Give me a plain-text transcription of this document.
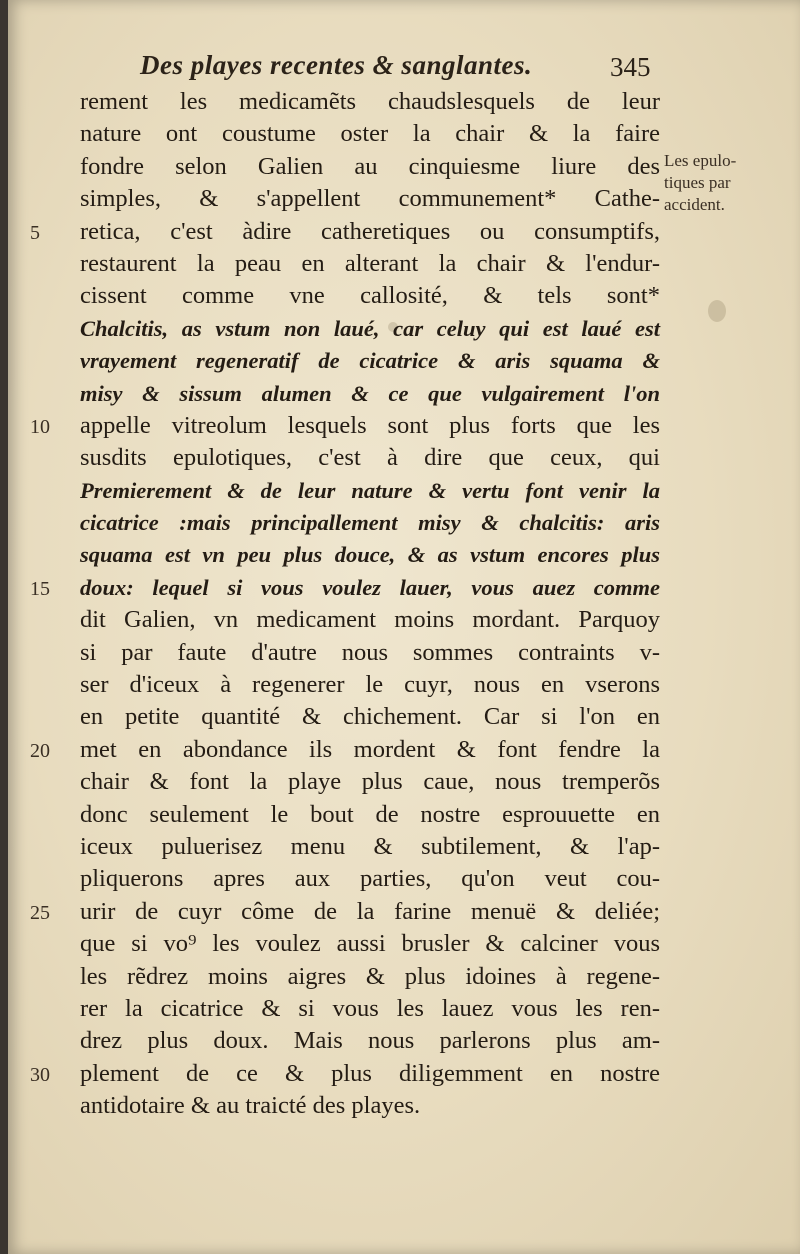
Des playes recentes & sanglantes.	345
5
10
15
20
25
30
rement les medicamẽts chaudslesquels de leur
nature ont coustume oster la chair & la faire
fondre selon Galien au cinquiesme liure des
simples, & s'appellent communement* Cathe-
retica, c'est àdire catheretiques ou consumptifs,
restaurent la peau en alterant la chair & l'endur-
cissent comme vne callosité, & tels sont*
Chalcitis, as vstum non laué, car celuy qui est laué est
vrayement regeneratif de cicatrice & aris squama &
misy & sissum alumen & ce que vulgairement l'on
appelle vitreolum lesquels sont plus forts que les
susdits epulotiques, c'est à dire que ceux, qui
Premierement & de leur nature & vertu font venir la
cicatrice :mais principallement misy & chalcitis: aris
squama est vn peu plus douce, & as vstum encores plus
doux: lequel si vous voulez lauer, vous auez comme
dit Galien, vn medicament moins mordant. Parquoy
si par faute d'autre nous sommes contraints v-
ser d'iceux à regenerer le cuyr, nous en vserons
en petite quantité & chichement. Car si l'on en
met en abondance ils mordent & font fendre la
chair & font la playe plus caue, nous tremperõs
donc seulement le bout de nostre esprouuette en
iceux puluerisez menu & subtilement, & l'ap-
pliquerons apres aux parties, qu'on veut cou-
urir de cuyr côme de la farine menuë & deliée;
que si vo⁹ les voulez aussi brusler & calciner vous
les rẽdrez moins aigres & plus idoines à regene-
rer la cicatrice & si vous les lauez vous les ren-
drez plus doux. Mais nous parlerons plus am-
plement de ce & plus diligemment en nostre
antidotaire & au traicté des playes.
Les epulo-
tiques par
accident.
